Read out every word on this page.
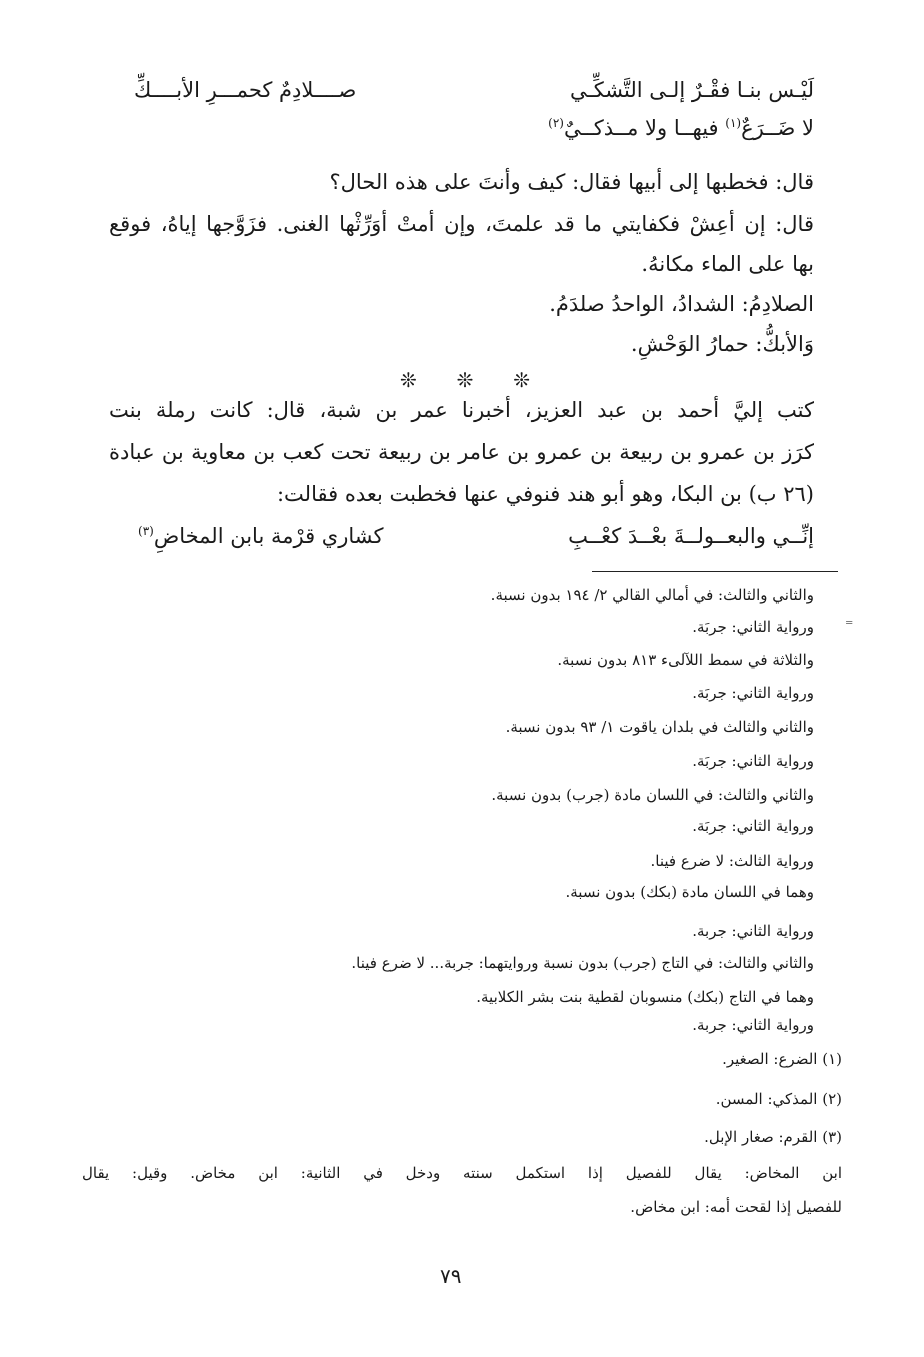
لَيْـس بنـا فقْـرٌ إلـى التَّشكِّـي
صــــلادِمٌ كحمـــرِ الأبــــكِّ
لا ضَــرَعٌ$^{(١)}$ فيهــا ولا مــذكــيٌ$^{(٢)}$
قال: فخطبها إلى أبيها فقال: كيف وأنتَ على هذه الحال؟
قال: إن أعِشْ فكفايتي ما قد علمتَ، وإن أمتْ أوَرِّثْها الغنى. فزَوَّجها إياهُ، فوقع
بها على الماء مكانهُ.
الصلادِمُ: الشدادُ، الواحدُ صلدَمُ.
وَالأبكُّ: حمارُ الوَحْشِ.
❊ ❊ ❊
كتب إليَّ أحمد بن عبد العزيز، أخبرنا عمر بن شبة، قال: كانت رملة بنت
كرَز بن عمرو بن ربيعة بن عمرو بن عامر بن ربيعة تحت كعب بن معاوية بن عبادة
(٢٦ ب) بن البكا، وهو أبو هند فنوفي عنها فخطبت بعده فقالت:
إنِّــي والبعــولــةَ بعْــدَ كعْــبِ
كشاري قرْمة بابن المخاضِ$^{(٣)}$
=
والثاني والثالث: في أمالي القالي ٢/ ١٩٤ بدون نسبة.
ورواية الثاني: جربَة.
والثلاثة في سمط اللآلىء ٨١٣ بدون نسبة.
ورواية الثاني: جربَة.
والثاني والثالث في بلدان ياقوت ١/ ٩٣ بدون نسبة.
ورواية الثاني: جربَة.
والثاني والثالث: في اللسان مادة (جرب) بدون نسبة.
ورواية الثاني: جربَة.
ورواية الثالث: لا ضرع فينا.
وهما في اللسان مادة (بكك) بدون نسبة.
ورواية الثاني: جربة.
والثاني والثالث: في التاج (جرب) بدون نسبة وروايتهما: جربة... لا ضرع فينا.
وهما في التاج (بكك) منسوبان لقطية بنت بشر الكلابية.
ورواية الثاني: جربة.
(١) الضرع: الصغير.
(٢) المذكي: المسن.
(٣) القرم: صغار الإبل.
ابن المخاض: يقال للفصيل إذا استكمل سنته ودخل في الثانية: ابن مخاض. وقيل: يقال
للفصيل إذا لقحت أمه: ابن مخاض.
٧٩
